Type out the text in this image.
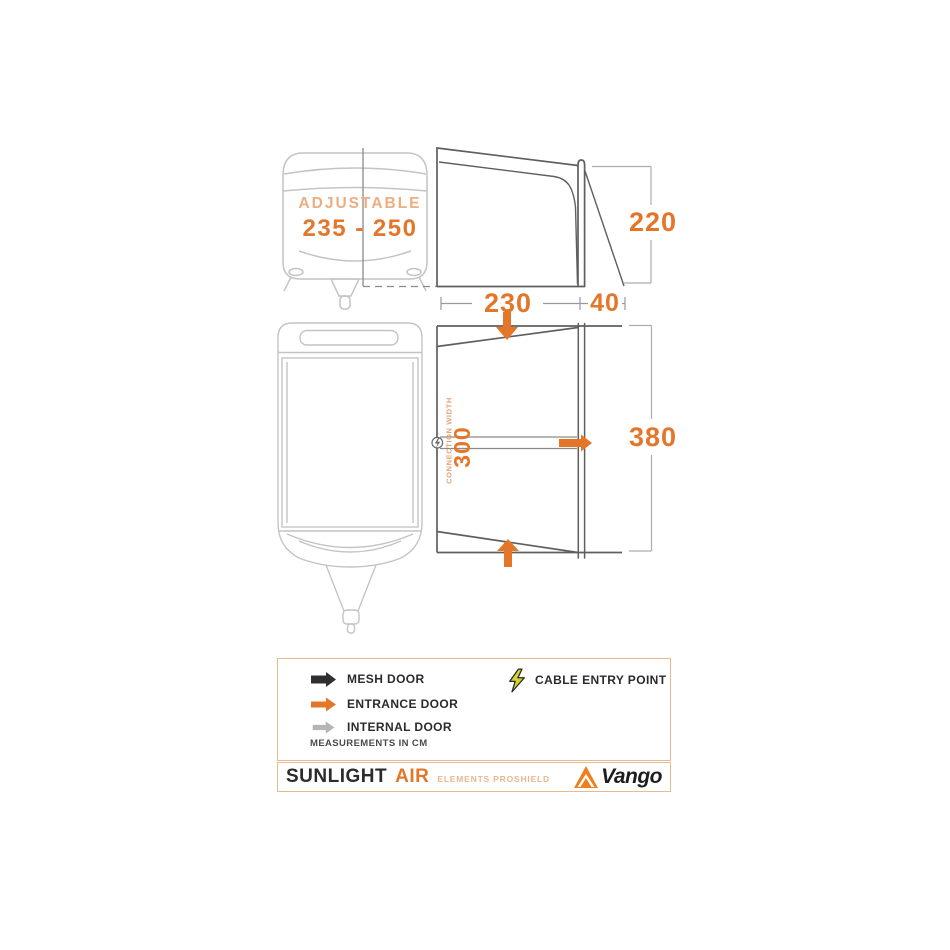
ADJUSTABLE
235 - 250	220
230	40
380
300
CONNECTION WIDTH
MESH DOOR
ENTRANCE DOOR
INTERNAL DOOR
MEASUREMENTS IN CM
CABLE ENTRY POINT
SUNLIGHT AIR ELEMENTS PROSHIELD Vango
